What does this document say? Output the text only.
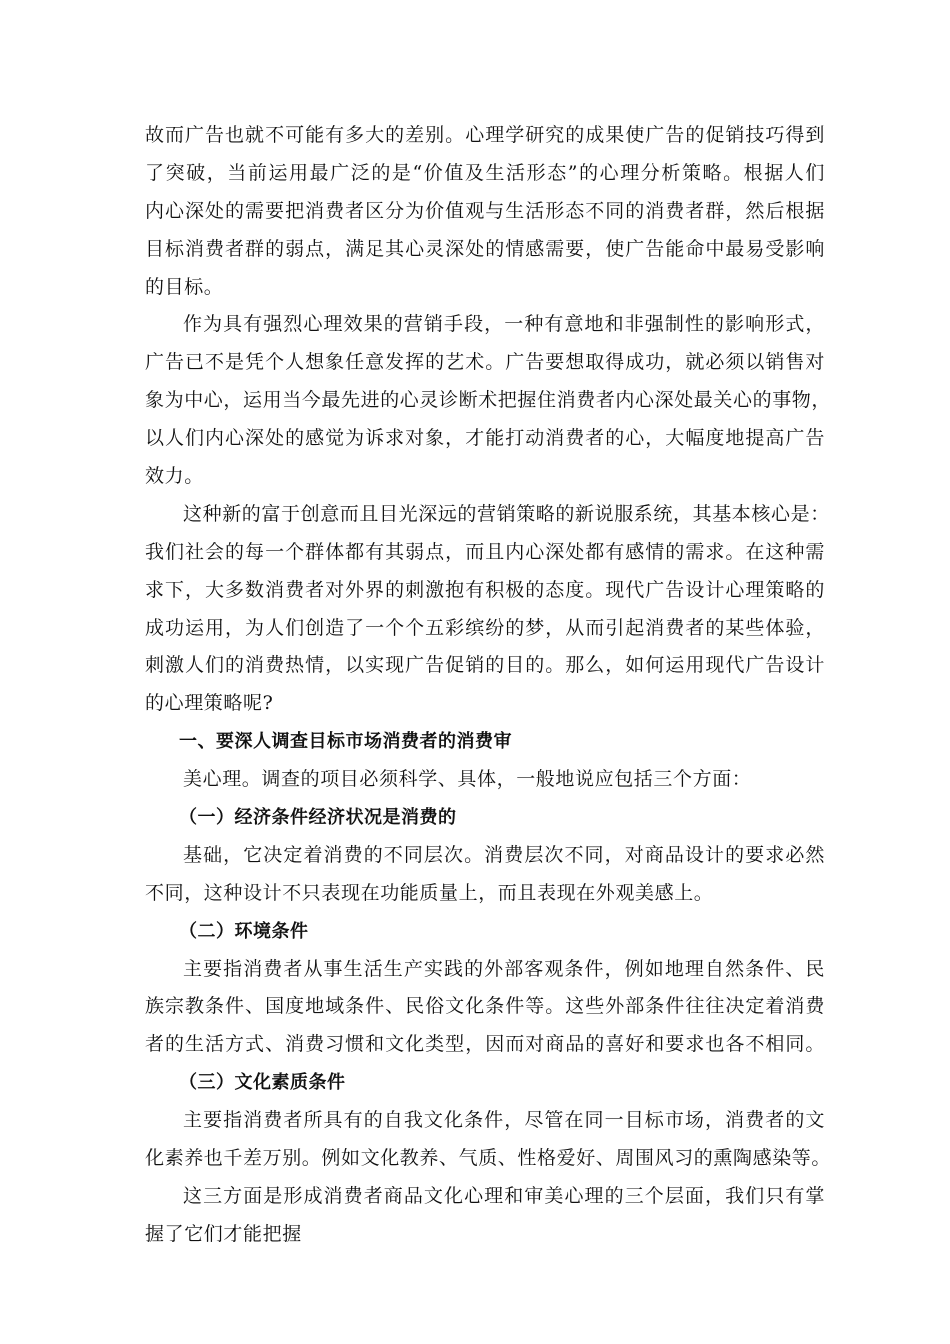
故而广告也就不可能有多大的差别。心理学研究的成果使广告的促销技巧得到
了突破，当前运用最广泛的是“价值及生活形态”的心理分析策略。根据人们
内心深处的需要把消费者区分为价值观与生活形态不同的消费者群，然后根据
目标消费者群的弱点，满足其心灵深处的情感需要，使广告能命中最易受影响
的目标。
作为具有强烈心理效果的营销手段，一种有意地和非强制性的影响形式，
广告已不是凭个人想象任意发挥的艺术。广告要想取得成功，就必须以销售对
象为中心，运用当今最先进的心灵诊断术把握住消费者内心深处最关心的事物，
以人们内心深处的感觉为诉求对象，才能打动消费者的心，大幅度地提高广告
效力。
这种新的富于创意而且目光深远的营销策略的新说服系统，其基本核心是：
我们社会的每一个群体都有其弱点，而且内心深处都有感情的需求。在这种需
求下，大多数消费者对外界的刺激抱有积极的态度。现代广告设计心理策略的
成功运用，为人们创造了一个个五彩缤纷的梦，从而引起消费者的某些体验，
刺激人们的消费热情，以实现广告促销的目的。那么，如何运用现代广告设计
的心理策略呢?
一、要深人调查目标市场消费者的消费审
美心理。调查的项目必须科学、具体，一般地说应包括三个方面：
（一）经济条件经济状况是消费的
基础，它决定着消费的不同层次。消费层次不同，对商品设计的要求必然
不同，这种设计不只表现在功能质量上，而且表现在外观美感上。
（二）环境条件
主要指消费者从事生活生产实践的外部客观条件，例如地理自然条件、民
族宗教条件、国度地域条件、民俗文化条件等。这些外部条件往往决定着消费
者的生活方式、消费习惯和文化类型，因而对商品的喜好和要求也各不相同。
（三）文化素质条件
主要指消费者所具有的自我文化条件，尽管在同一目标市场，消费者的文
化素养也千差万别。例如文化教养、气质、性格爱好、周围风习的熏陶感染等。
这三方面是形成消费者商品文化心理和审美心理的三个层面，我们只有掌
握了它们才能把握
